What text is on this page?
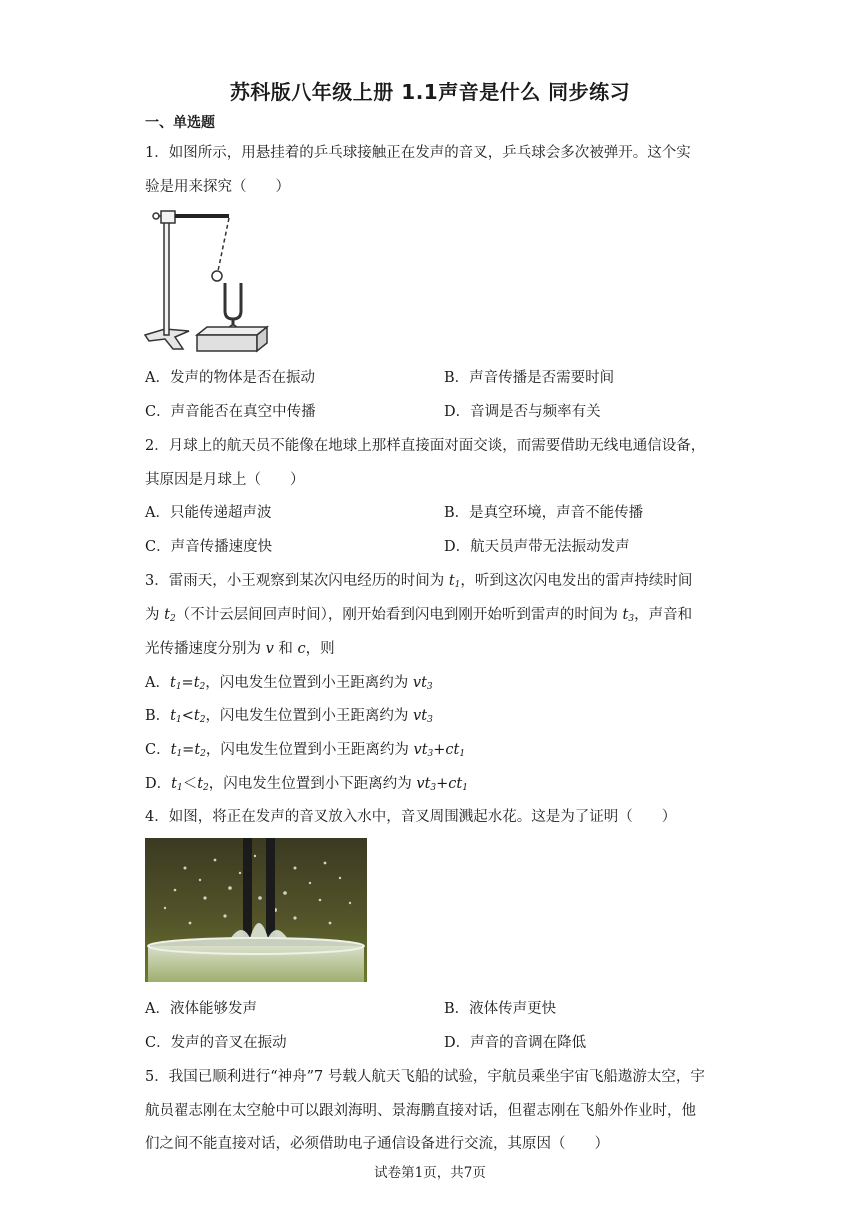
苏科版八年级上册 1.1声音是什么 同步练习
一、单选题
1．如图所示，用悬挂着的乒乓球接触正在发声的音叉，乒乓球会多次被弹开。这个实
验是用来探究（　　）
A．发声的物体是否在振动	B．声音传播是否需要时间
C．声音能否在真空中传播	D．音调是否与频率有关
2．月球上的航天员不能像在地球上那样直接面对面交谈，而需要借助无线电通信设备，
其原因是月球上（　　）
A．只能传递超声波	B．是真空环境，声音不能传播
C．声音传播速度快	D．航天员声带无法振动发声
3．雷雨天，小王观察到某次闪电经历的时间为 $t_1$，听到这次闪电发出的雷声持续时间
为 $t_2$（不计云层间回声时间），刚开始看到闪电到刚开始听到雷声的时间为 $t_3$，声音和
光传播速度分别为 v 和 c，则
A．$t_1=t_2$，闪电发生位置到小王距离约为 $vt_3$
B．$t_1<t_2$，闪电发生位置到小王距离约为 $vt_3$
C．$t_1=t_2$，闪电发生位置到小王距离约为 $vt_3+ct_1$
D．$t_1<t_2$，闪电发生位置到小下距离约为 $vt_3+ct_1$
4．如图，将正在发声的音叉放入水中，音叉周围溅起水花。这是为了证明（　　）
A．液体能够发声	B．液体传声更快
C．发声的音叉在振动	D．声音的音调在降低
5．我国已顺利进行“神舟”7 号载人航天飞船的试验，宇航员乘坐宇宙飞船遨游太空，宇
航员翟志刚在太空舱中可以跟刘海明、景海鹏直接对话，但翟志刚在飞船外作业时，他
们之间不能直接对话，必须借助电子通信设备进行交流，其原因（　　）
试卷第1页，共7页
